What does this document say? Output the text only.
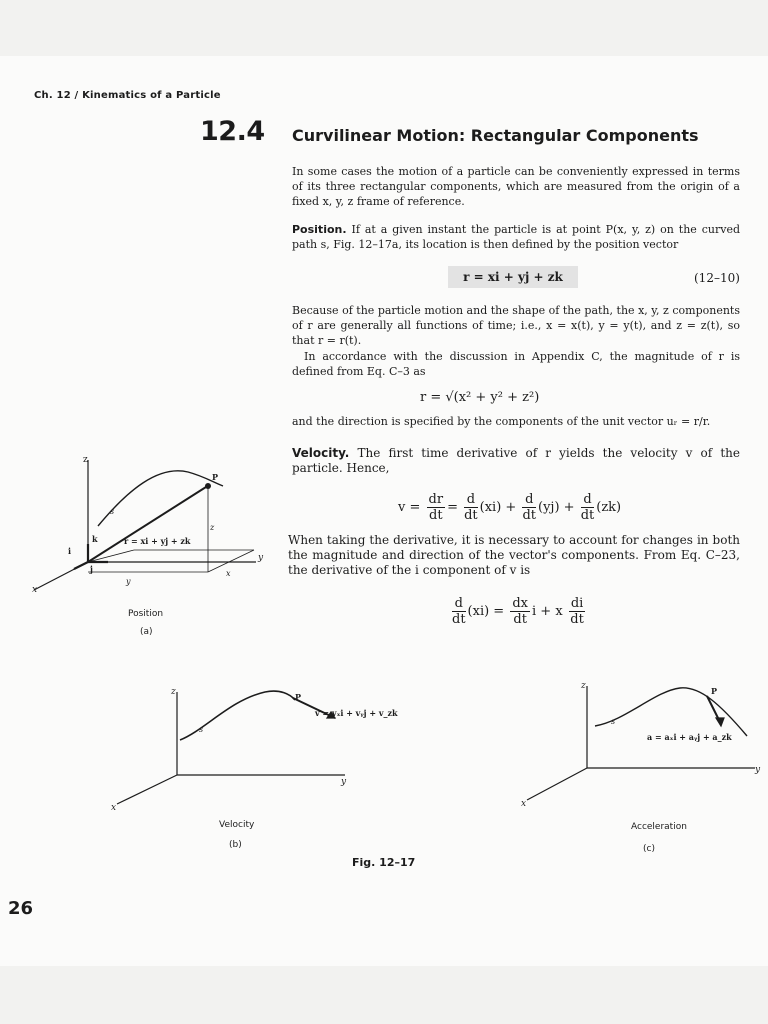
Ch. 12 / Kinematics of a Particle
12.4 Curvilinear Motion: Rectangular Components
In some cases the motion of a particle can be conveniently expressed in terms of its three rectangular components, which are measured from the origin of a fixed x, y, z frame of reference.
Position. If at a given instant the particle is at point P(x, y, z) on the curved path s, Fig. 12–17a, its location is then defined by the position vector
r = xi + yj + zk	(12–10)
Because of the particle motion and the shape of the path, the x, y, z components of r are generally all functions of time; i.e., x = x(t), y = y(t), and z = z(t), so that r = r(t).
In accordance with the discussion in Appendix C, the magnitude of r is defined from Eq. C–3 as
r = √(x² + y² + z²)
and the direction is specified by the components of the unit vector uᵣ = r/r.
Velocity. The first time derivative of r yields the velocity v of the particle. Hence,
$v = \frac{dr}{dt} = \frac{d}{dt} (xi) + \frac{d}{dt} (yj) + \frac{d}{dt} (zk)$
When taking the derivative, it is necessary to account for changes in both the magnitude and direction of the vector's components. From Eq. C–23, the derivative of the i component of v is
$\frac{d}{dt} (xi) = \frac{dx}{dt}$ i + x $\frac{di}{dt}$
z
x
y
s
P
k
i
j
r = xi + yj + zk
z
x
y
Position
(a)
z
x
y
s
P
v = vₓi + vᵧj + v_zk
Velocity
(b)
z
x
y
s
P
a = aₓi + aᵧj + a_zk
Acceleration
(c)
Fig. 12–17
26
